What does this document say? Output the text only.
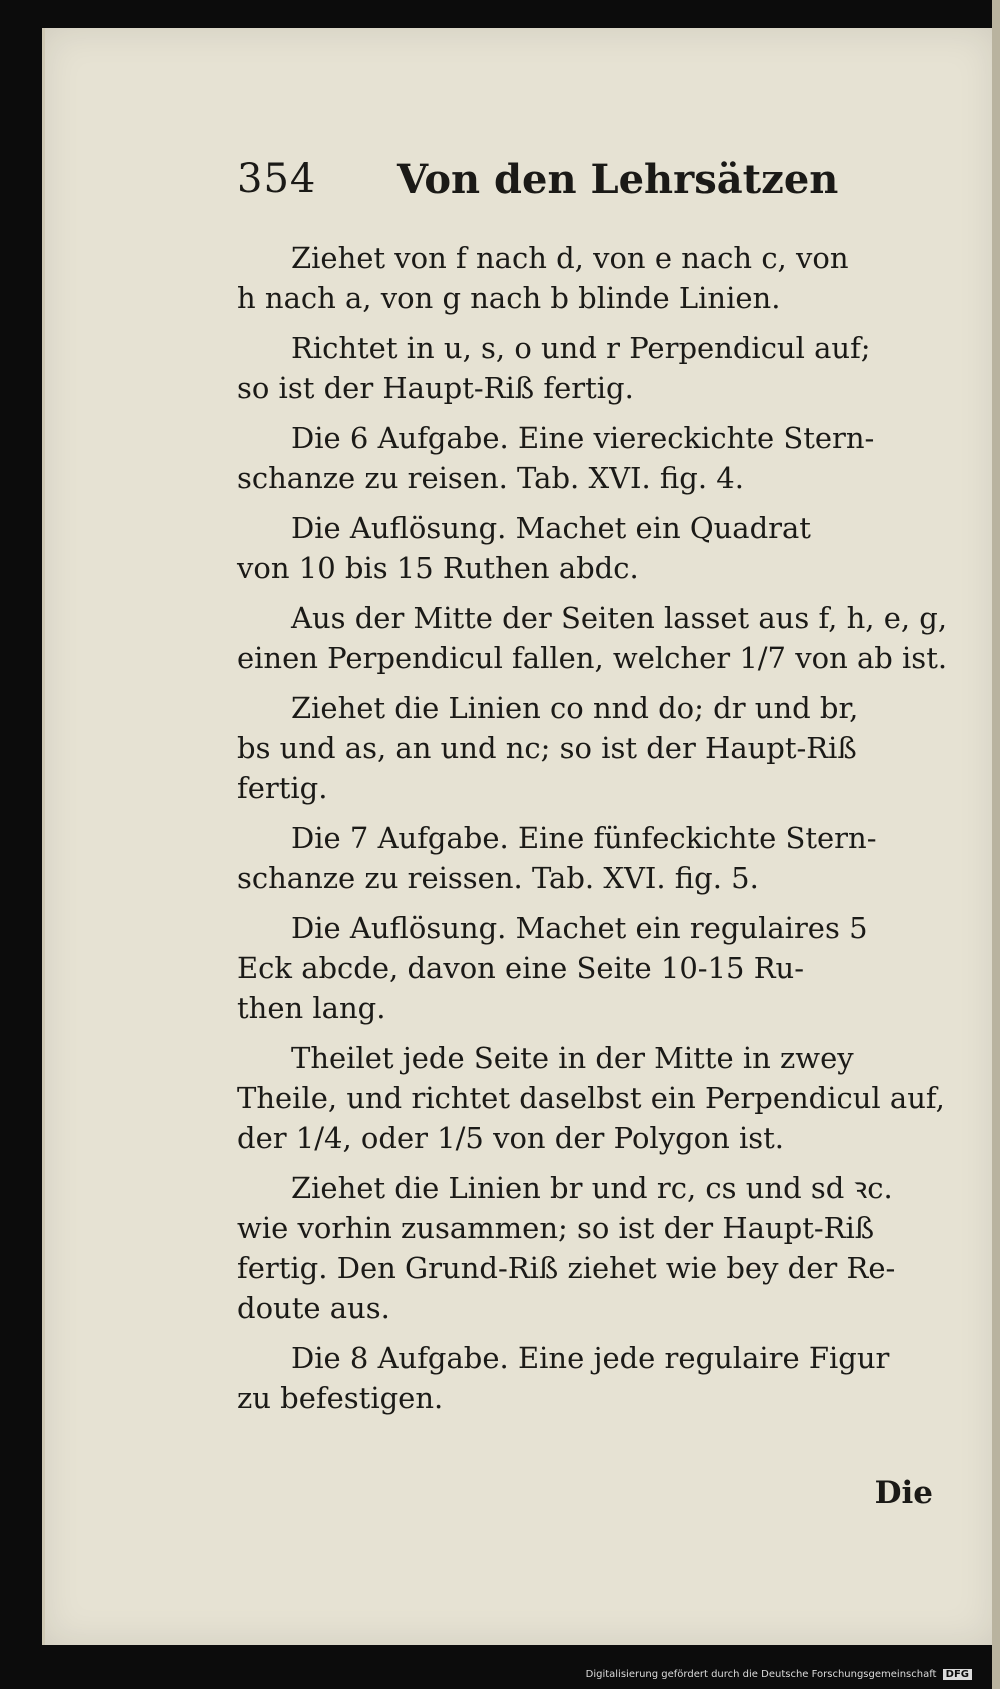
354 Von den Lehrsätzen

Ziehet von f nach d, von e nach c, von
h nach a, von g nach b blinde Linien.

Richtet in u, s, o und r Perpendicul auf;
so ist der Haupt-Riß fertig.

Die 6 Aufgabe. Eine viereckichte Stern-
schanze zu reisen. Tab. XVI. fig. 4.

Die Auflösung. Machet ein Quadrat
von 10 bis 15 Ruthen abdc.

Aus der Mitte der Seiten lasset aus f, h, e, g,
einen Perpendicul fallen, welcher 1/7 von ab ist.

Ziehet die Linien co nnd do; dr und br,
bs und as, an und nc; so ist der Haupt-Riß
fertig.

Die 7 Aufgabe. Eine fünfeckichte Stern-
schanze zu reissen. Tab. XVI. fig. 5.

Die Auflösung. Machet ein regulaires 5
Eck abcde, davon eine Seite 10-15 Ru-
then lang.

Theilet jede Seite in der Mitte in zwey
Theile, und richtet daselbst ein Perpendicul auf,
der 1/4, oder 1/5 von der Polygon ist.

Ziehet die Linien br und rc, cs und sd ꝛc.
wie vorhin zusammen; so ist der Haupt-Riß
fertig. Den Grund-Riß ziehet wie bey der Re-
doute aus.

Die 8 Aufgabe. Eine jede regulaire Figur
zu befestigen.

Die
Digitalisierung gefördert durch die Deutsche Forschungsgemeinschaft DFG
